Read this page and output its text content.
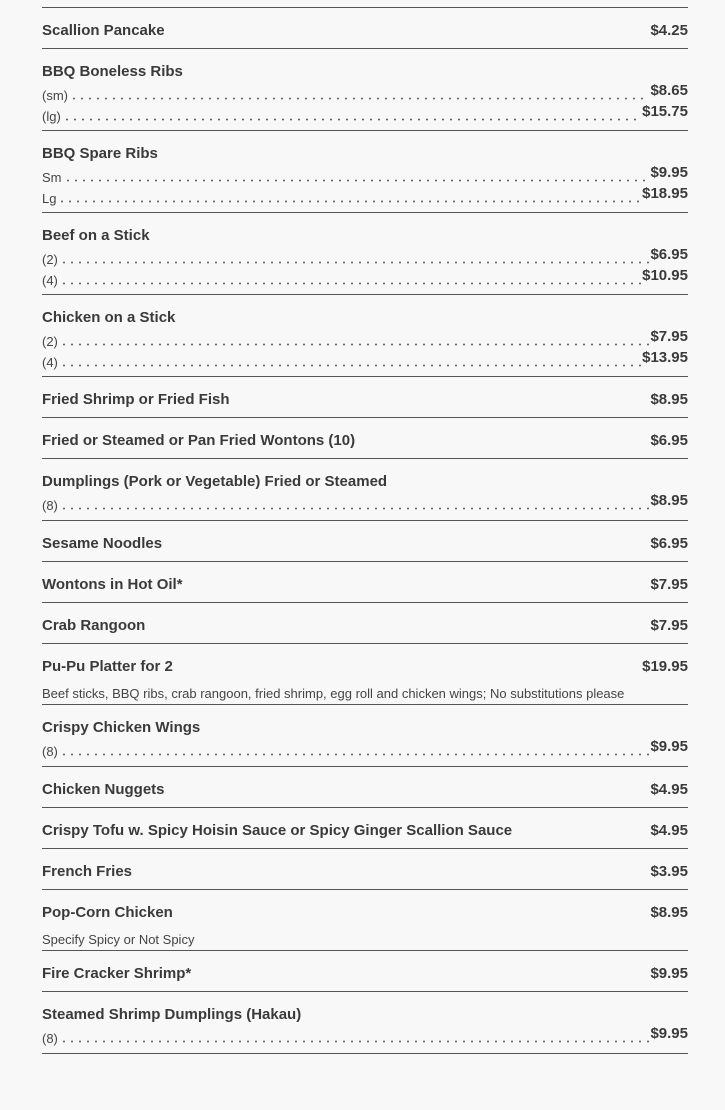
Scallion Pancake	$4.25
BBQ Boneless Ribs
(sm)	$8.65
(lg)	$15.75
BBQ Spare Ribs
Sm	$9.95
Lg	$18.95
Beef on a Stick
(2)	$6.95
(4)	$10.95
Chicken on a Stick
(2)	$7.95
(4)	$13.95
Fried Shrimp or Fried Fish	$8.95
Fried or Steamed or Pan Fried Wontons (10)	$6.95
Dumplings (Pork or Vegetable) Fried or Steamed
(8)	$8.95
Sesame Noodles	$6.95
Wontons in Hot Oil*	$7.95
Crab Rangoon	$7.95
Pu-Pu Platter for 2	$19.95
Beef sticks, BBQ ribs, crab rangoon, fried shrimp, egg roll and chicken wings; No substitutions please
Crispy Chicken Wings
(8)	$9.95
Chicken Nuggets	$4.95
Crispy Tofu w. Spicy Hoisin Sauce or Spicy Ginger Scallion Sauce	$4.95
French Fries	$3.95
Pop-Corn Chicken	$8.95
Specify Spicy or Not Spicy
Fire Cracker Shrimp*	$9.95
Steamed Shrimp Dumplings (Hakau)
(8)	$9.95
